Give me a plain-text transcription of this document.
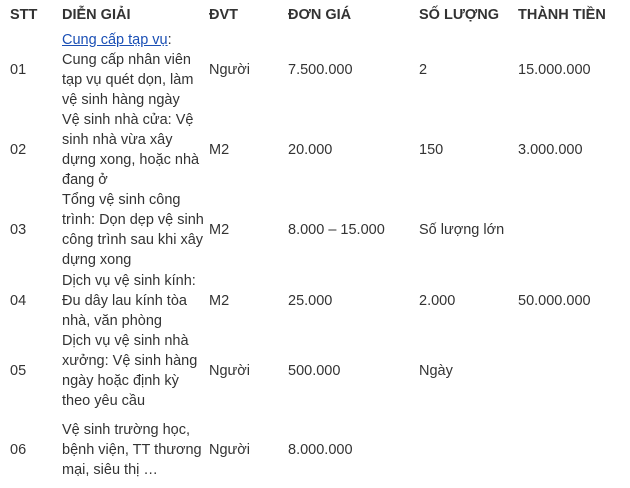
STT	DIỄN GIẢI	ĐVT	ĐƠN GIÁ	SỐ LƯỢNG	THÀNH TIỀN
01	Cung cấp tạp vụ: Cung cấp nhân viên tạp vụ quét dọn, làm vệ sinh hàng ngày	Người	7.500.000	2	15.000.000
02	Vệ sinh nhà cửa: Vệ sinh nhà vừa xây dựng xong, hoặc nhà đang ở	M2	20.000	150	3.000.000
03	Tổng vệ sinh công trình: Dọn dẹp vệ sinh công trình sau khi xây dựng xong	M2	8.000 – 15.000	Số lượng lớn	
04	Dịch vụ vệ sinh kính: Đu dây lau kính tòa nhà, văn phòng	M2	25.000	2.000	50.000.000
05	Dịch vụ vệ sinh nhà xưởng: Vệ sinh hàng ngày hoặc định kỳ theo yêu cầu	Người	500.000	Ngày	
06	Vệ sinh trường học, bệnh viện, TT thương mại, siêu thị …	Người	8.000.000		
